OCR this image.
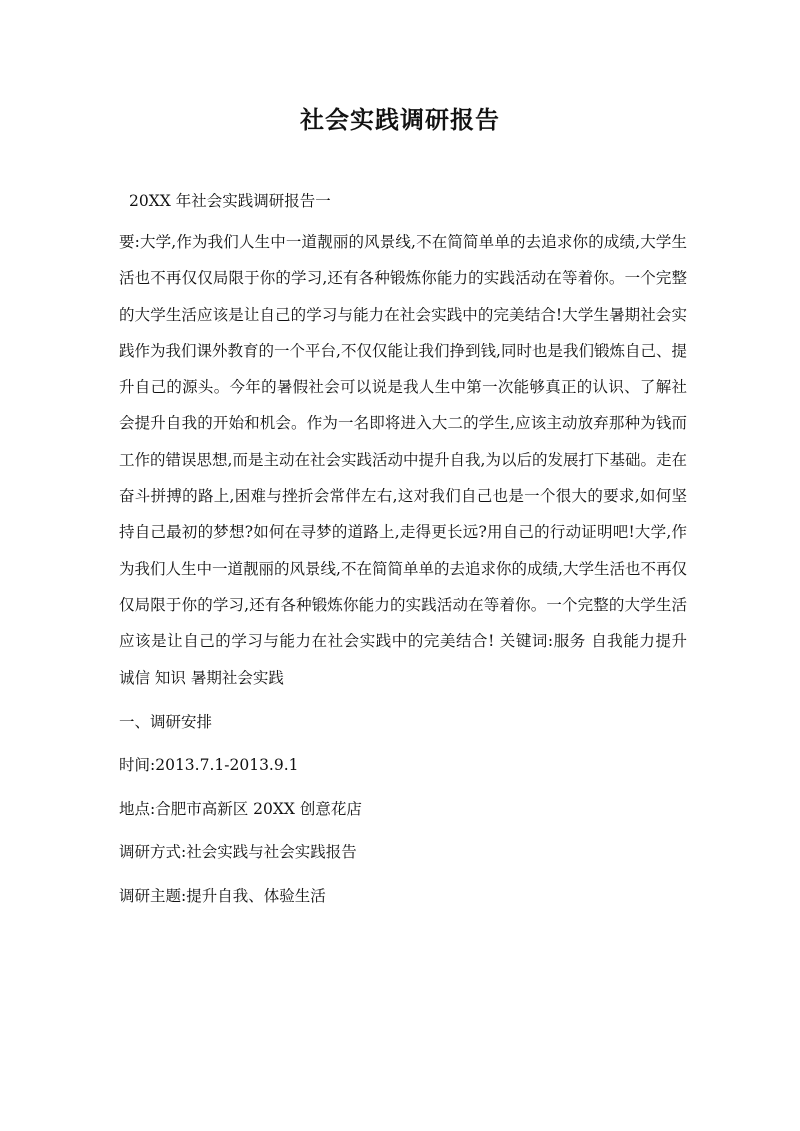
社会实践调研报告

20XX 年社会实践调研报告一

要:大学,作为我们人生中一道靓丽的风景线,不在简简单单的去追求你的成绩,大学生活也不再仅仅局限于你的学习,还有各种锻炼你能力的实践活动在等着你。一个完整的大学生活应该是让自己的学习与能力在社会实践中的完美结合!大学生暑期社会实践作为我们课外教育的一个平台,不仅仅能让我们挣到钱,同时也是我们锻炼自己、提升自己的源头。今年的暑假社会可以说是我人生中第一次能够真正的认识、了解社会提升自我的开始和机会。作为一名即将进入大二的学生,应该主动放弃那种为钱而工作的错误思想,而是主动在社会实践活动中提升自我,为以后的发展打下基础。走在奋斗拼搏的路上,困难与挫折会常伴左右,这对我们自己也是一个很大的要求,如何坚持自己最初的梦想?如何在寻梦的道路上,走得更长远?用自己的行动证明吧!大学,作为我们人生中一道靓丽的风景线,不在简简单单的去追求你的成绩,大学生活也不再仅仅局限于你的学习,还有各种锻炼你能力的实践活动在等着你。一个完整的大学生活应该是让自己的学习与能力在社会实践中的完美结合! 关键词:服务 自我能力提升 诚信 知识 暑期社会实践

一、调研安排

时间:2013.7.1-2013.9.1

地点:合肥市高新区 20XX 创意花店

调研方式:社会实践与社会实践报告

调研主题:提升自我、体验生活
